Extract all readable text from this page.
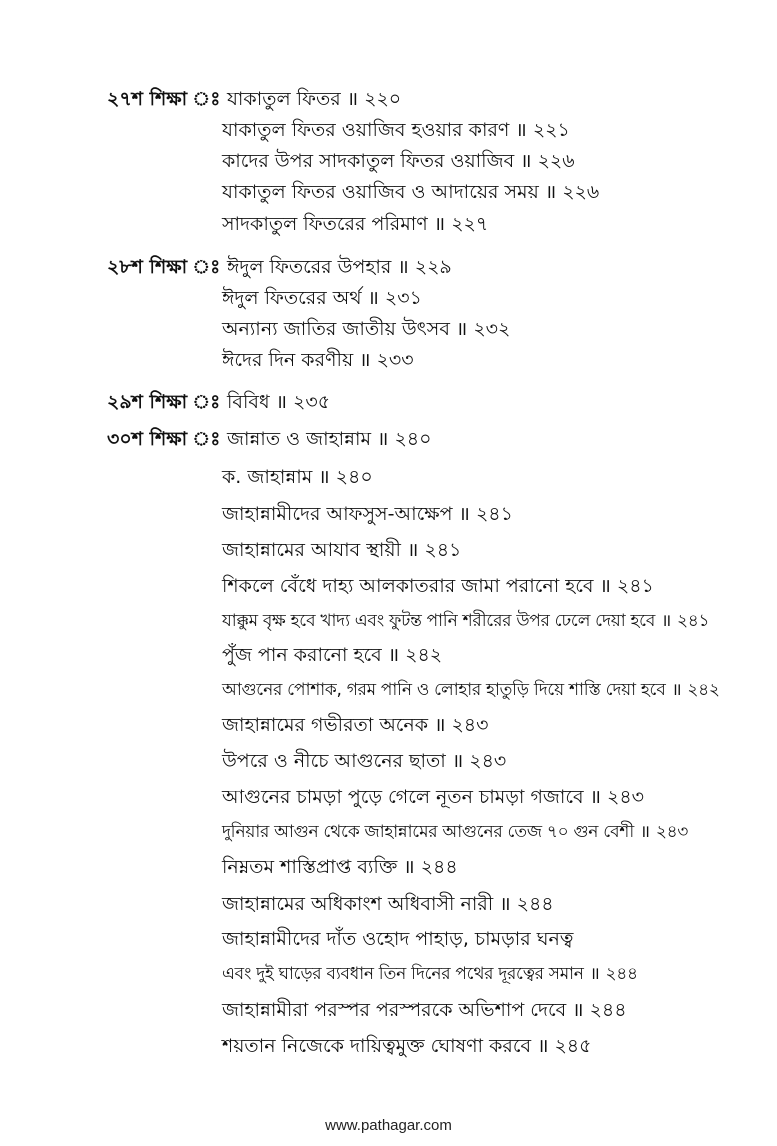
২৭শ শিক্ষা ঃ যাকাতুল ফিতর ॥ ২২০
যাকাতুল ফিতর ওয়াজিব হওয়ার কারণ ॥ ২২১
কাদের উপর সাদকাতুল ফিতর ওয়াজিব ॥ ২২৬
যাকাতুল ফিতর ওয়াজিব ও আদায়ের সময় ॥ ২২৬
সাদকাতুল ফিতরের পরিমাণ ॥ ২২৭
২৮শ শিক্ষা ঃ ঈদুল ফিতরের উপহার ॥ ২২৯
ঈদুল ফিতরের অর্থ ॥ ২৩১
অন্যান্য জাতির জাতীয় উৎসব ॥ ২৩২
ঈদের দিন করণীয় ॥ ২৩৩
২৯শ শিক্ষা ঃ বিবিধ ॥ ২৩৫
৩০শ শিক্ষা ঃ জান্নাত ও জাহান্নাম ॥ ২৪০
ক. জাহান্নাম ॥ ২৪০
জাহান্নামীদের আফসুস-আক্ষেপ ॥ ২৪১
জাহান্নামের আযাব স্থায়ী ॥ ২৪১
শিকলে বেঁধে দাহ্য আলকাতরার জামা পরানো হবে ॥ ২৪১
যাক্কুম বৃক্ষ হবে খাদ্য এবং ফুটন্ত পানি শরীরের উপর ঢেলে দেয়া হবে ॥ ২৪১
পুঁজ পান করানো হবে ॥ ২৪২
আগুনের পোশাক, গরম পানি ও লোহার হাতুড়ি দিয়ে শাস্তি দেয়া হবে ॥ ২৪২
জাহান্নামের গভীরতা অনেক ॥ ২৪৩
উপরে ও নীচে আগুনের ছাতা ॥ ২৪৩
আগুনের চামড়া পুড়ে গেলে নূতন চামড়া গজাবে ॥ ২৪৩
দুনিয়ার আগুন থেকে জাহান্নামের আগুনের তেজ ৭০ গুন বেশী ॥ ২৪৩
নিম্নতম শাস্তিপ্রাপ্ত ব্যক্তি ॥ ২৪৪
জাহান্নামের অধিকাংশ অধিবাসী নারী ॥ ২৪৪
জাহান্নামীদের দাঁত ওহোদ পাহাড়, চামড়ার ঘনত্ব
এবং দুই ঘাড়ের ব্যবধান তিন দিনের পথের দূরত্বের সমান ॥ ২৪৪
জাহান্নামীরা পরস্পর পরস্পরকে অভিশাপ দেবে ॥ ২৪৪
শয়তান নিজেকে দায়িত্বমুক্ত ঘোষণা করবে ॥ ২৪৫
www.pathagar.com
